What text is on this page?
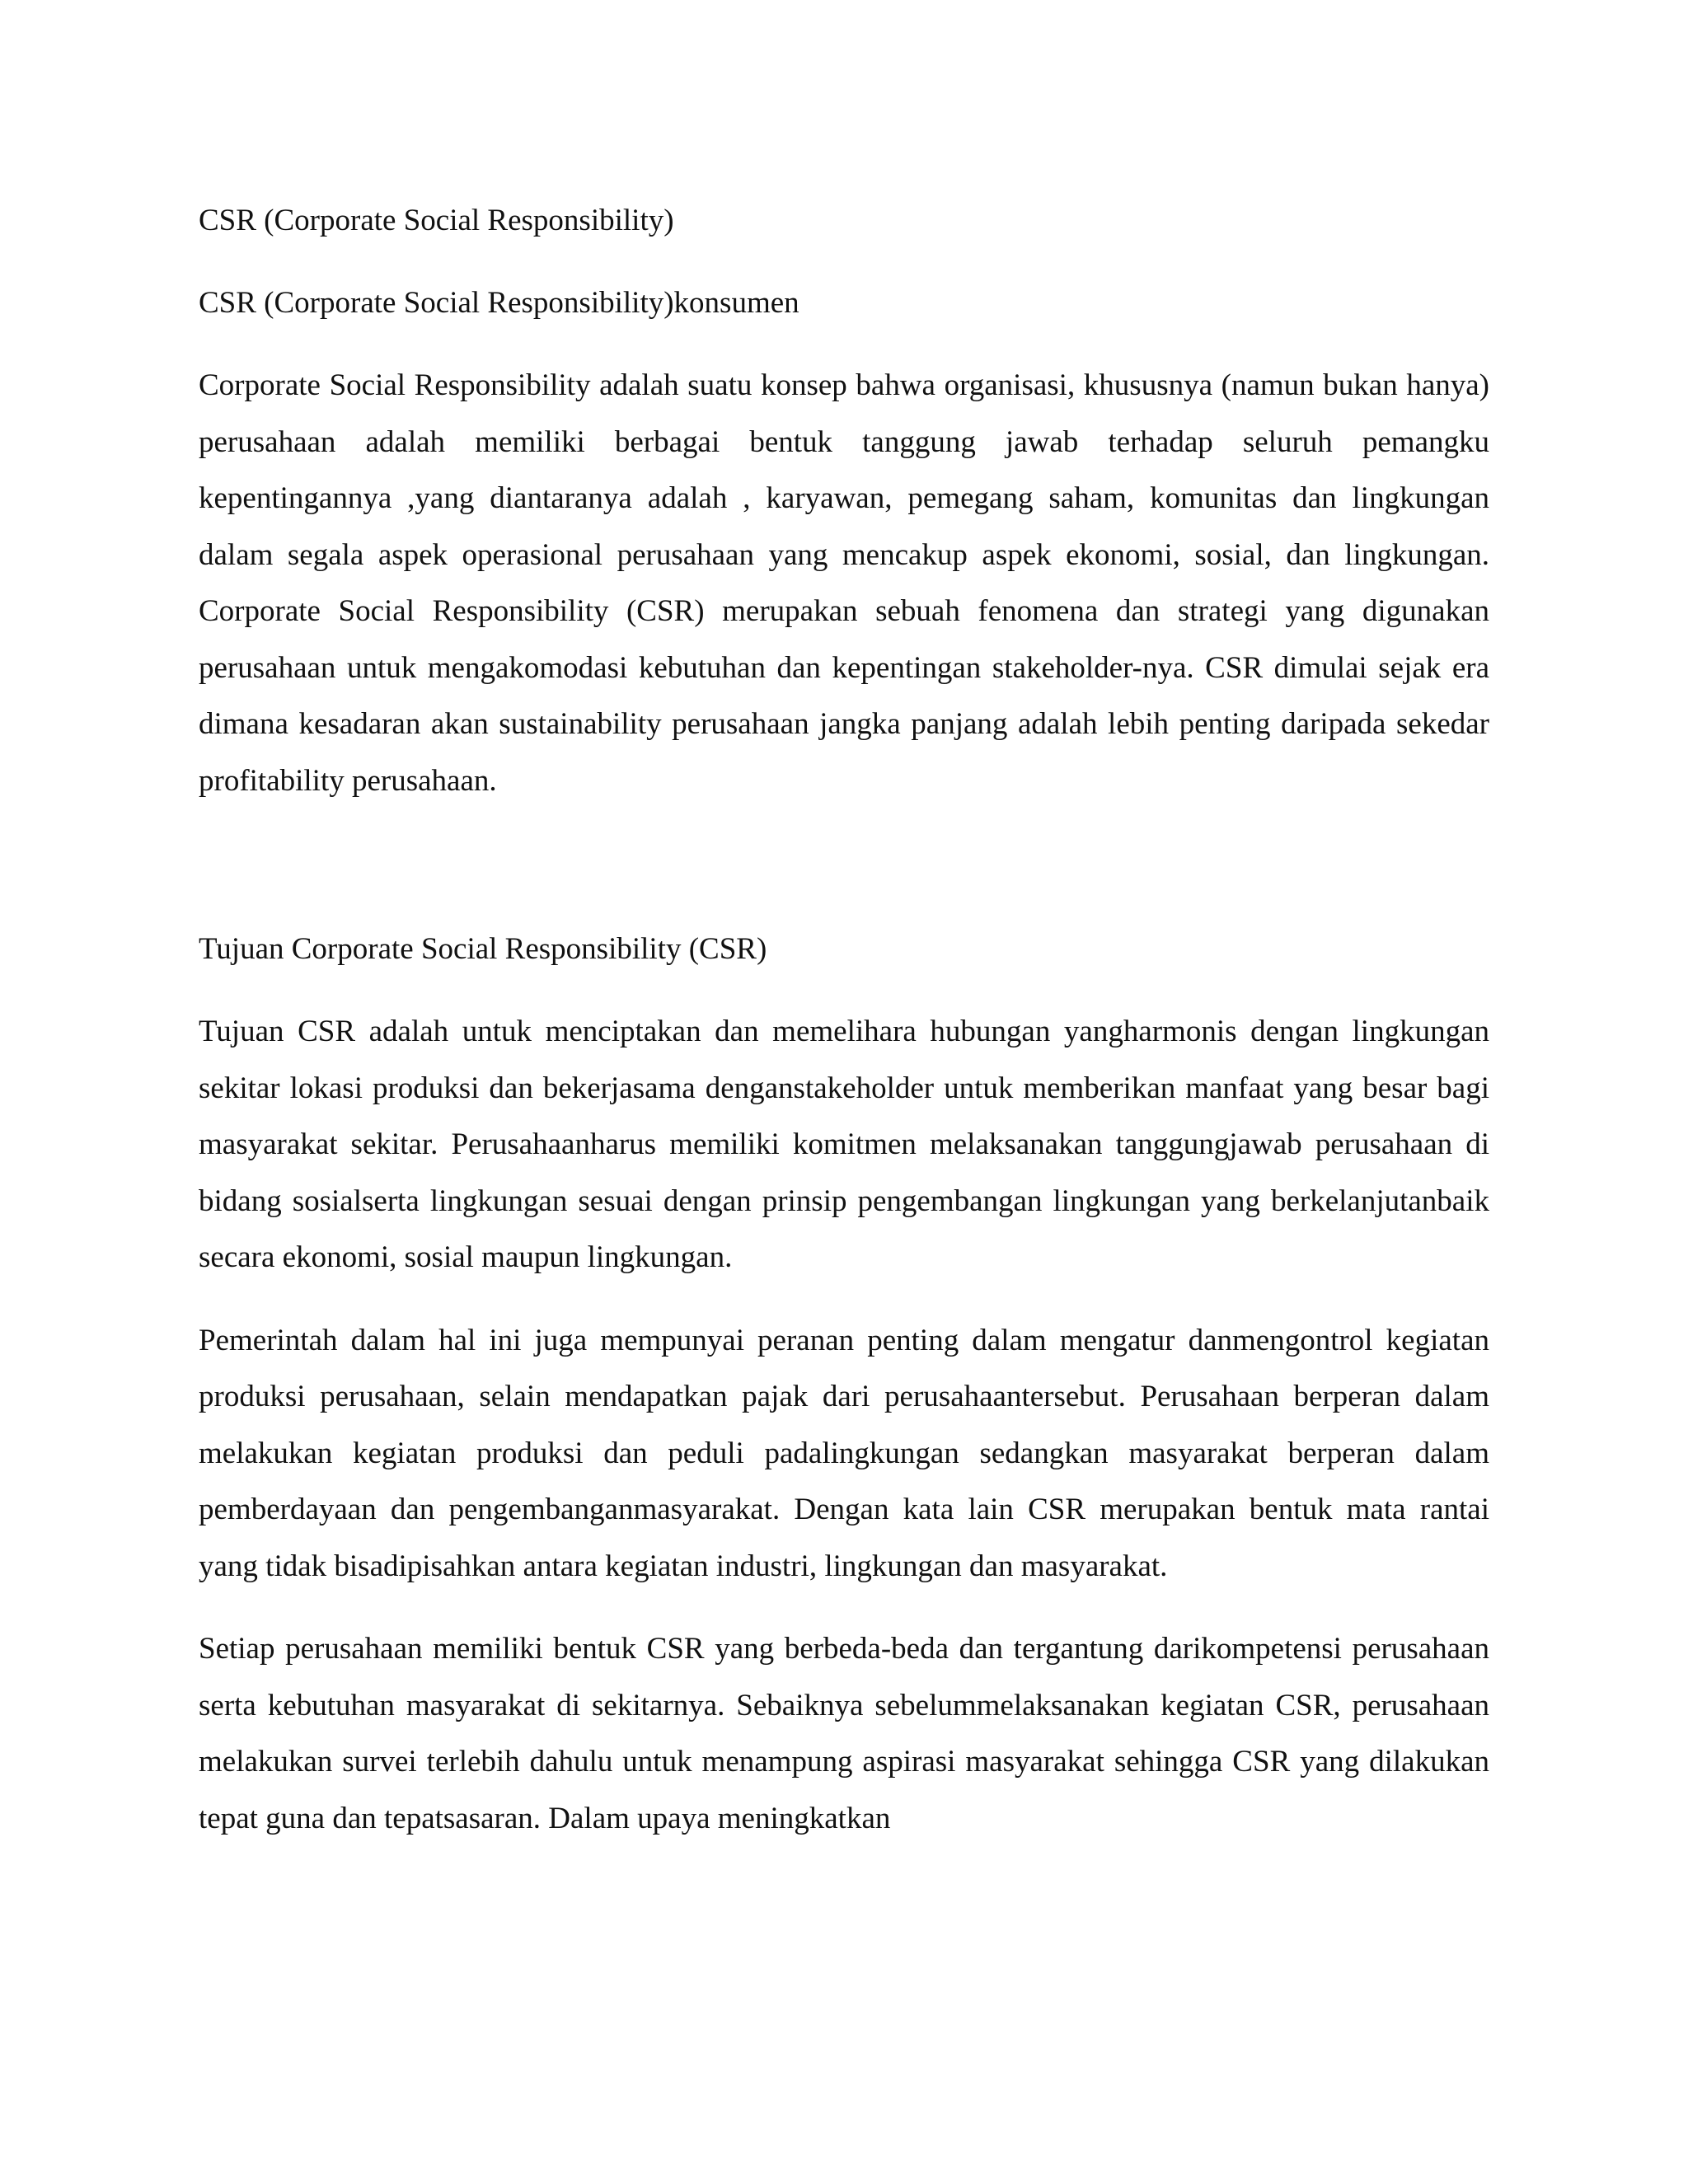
CSR (Corporate Social Responsibility)

CSR (Corporate Social Responsibility)konsumen

Corporate Social Responsibility adalah suatu konsep bahwa organisasi, khususnya (namun bukan hanya) perusahaan adalah memiliki berbagai bentuk tanggung jawab terhadap seluruh pemangku kepentingannya ,yang diantaranya adalah , karyawan, pemegang saham, komunitas dan lingkungan dalam segala aspek operasional perusahaan yang mencakup aspek ekonomi, sosial, dan lingkungan. Corporate Social Responsibility (CSR) merupakan sebuah fenomena dan strategi yang digunakan perusahaan untuk mengakomodasi kebutuhan dan kepentingan stakeholder-nya. CSR dimulai sejak era dimana kesadaran akan sustainability perusahaan jangka panjang adalah lebih penting daripada sekedar profitability perusahaan.

Tujuan Corporate Social Responsibility (CSR)

Tujuan CSR adalah untuk menciptakan dan memelihara hubungan yangharmonis dengan lingkungan sekitar lokasi produksi dan bekerjasama denganstakeholder untuk memberikan manfaat yang besar bagi masyarakat sekitar. Perusahaanharus memiliki komitmen melaksanakan tanggungjawab perusahaan di bidang sosialserta lingkungan sesuai dengan prinsip pengembangan lingkungan yang berkelanjutanbaik secara ekonomi, sosial maupun lingkungan.

Pemerintah dalam hal ini juga mempunyai peranan penting dalam mengatur danmengontrol kegiatan produksi perusahaan, selain mendapatkan pajak dari perusahaantersebut. Perusahaan berperan dalam melakukan kegiatan produksi dan peduli padalingkungan sedangkan masyarakat berperan dalam pemberdayaan dan pengembanganmasyarakat. Dengan kata lain CSR merupakan bentuk mata rantai yang tidak bisadipisahkan antara kegiatan industri, lingkungan dan masyarakat.

Setiap perusahaan memiliki bentuk CSR yang berbeda-beda dan tergantung darikompetensi perusahaan serta kebutuhan masyarakat di sekitarnya. Sebaiknya sebelummelaksanakan kegiatan CSR, perusahaan melakukan survei terlebih dahulu untuk menampung aspirasi masyarakat sehingga CSR yang dilakukan tepat guna dan tepatsasaran. Dalam upaya meningkatkan
